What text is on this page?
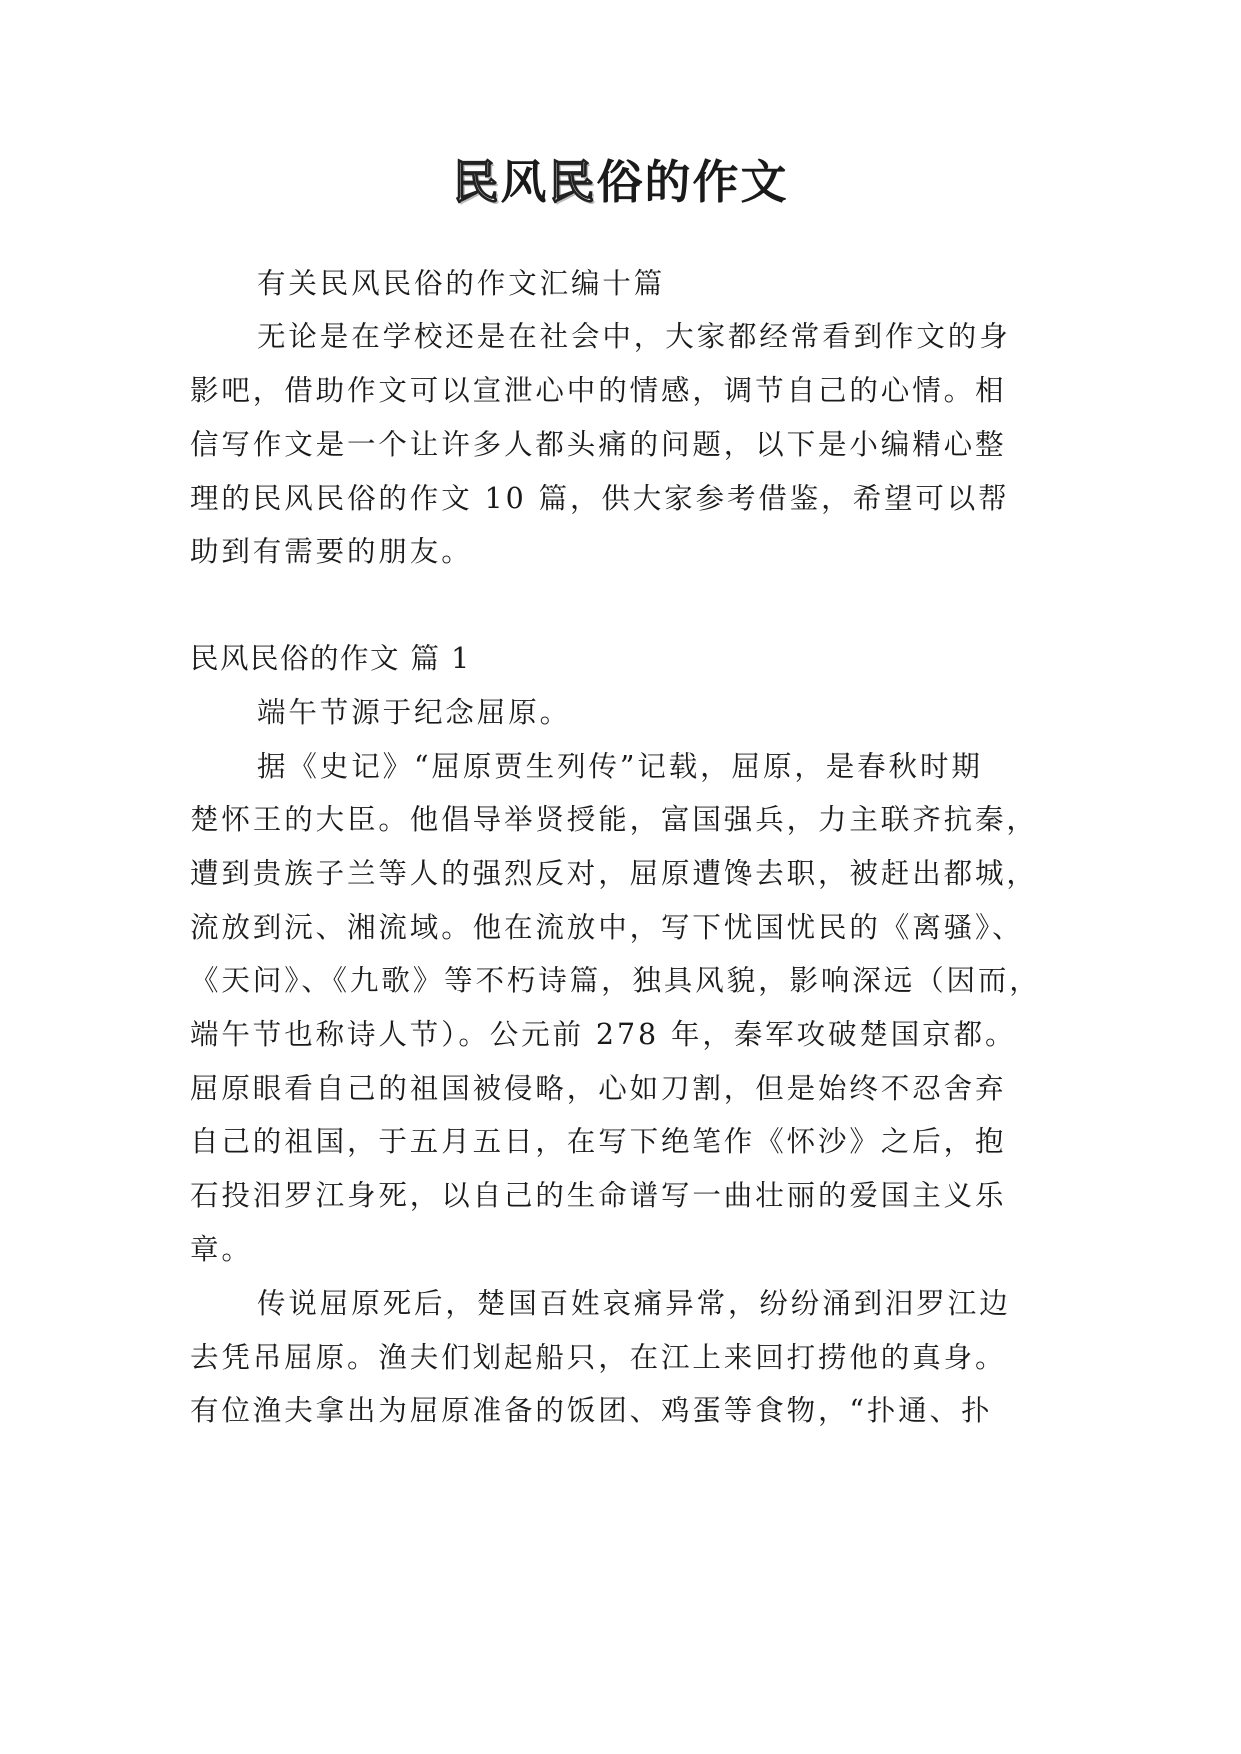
民风民俗的作文
有关民风民俗的作文汇编十篇
无论是在学校还是在社会中，大家都经常看到作文的身
影吧，借助作文可以宣泄心中的情感，调节自己的心情。相
信写作文是一个让许多人都头痛的问题，以下是小编精心整
理的民风民俗的作文 10 篇，供大家参考借鉴，希望可以帮
助到有需要的朋友。
民风民俗的作文 篇 1
端午节源于纪念屈原。
据《史记》“屈原贾生列传”记载，屈原，是春秋时期
楚怀王的大臣。他倡导举贤授能，富国强兵，力主联齐抗秦，
遭到贵族子兰等人的强烈反对，屈原遭馋去职，被赶出都城，
流放到沅、湘流域。他在流放中，写下忧国忧民的《离骚》、
《天问》、《九歌》等不朽诗篇，独具风貌，影响深远（因而，
端午节也称诗人节）。公元前 278 年，秦军攻破楚国京都。
屈原眼看自己的祖国被侵略，心如刀割，但是始终不忍舍弃
自己的祖国，于五月五日，在写下绝笔作《怀沙》之后，抱
石投汨罗江身死，以自己的生命谱写一曲壮丽的爱国主义乐
章。
传说屈原死后，楚国百姓哀痛异常，纷纷涌到汨罗江边
去凭吊屈原。渔夫们划起船只，在江上来回打捞他的真身。
有位渔夫拿出为屈原准备的饭团、鸡蛋等食物，“扑通、扑
